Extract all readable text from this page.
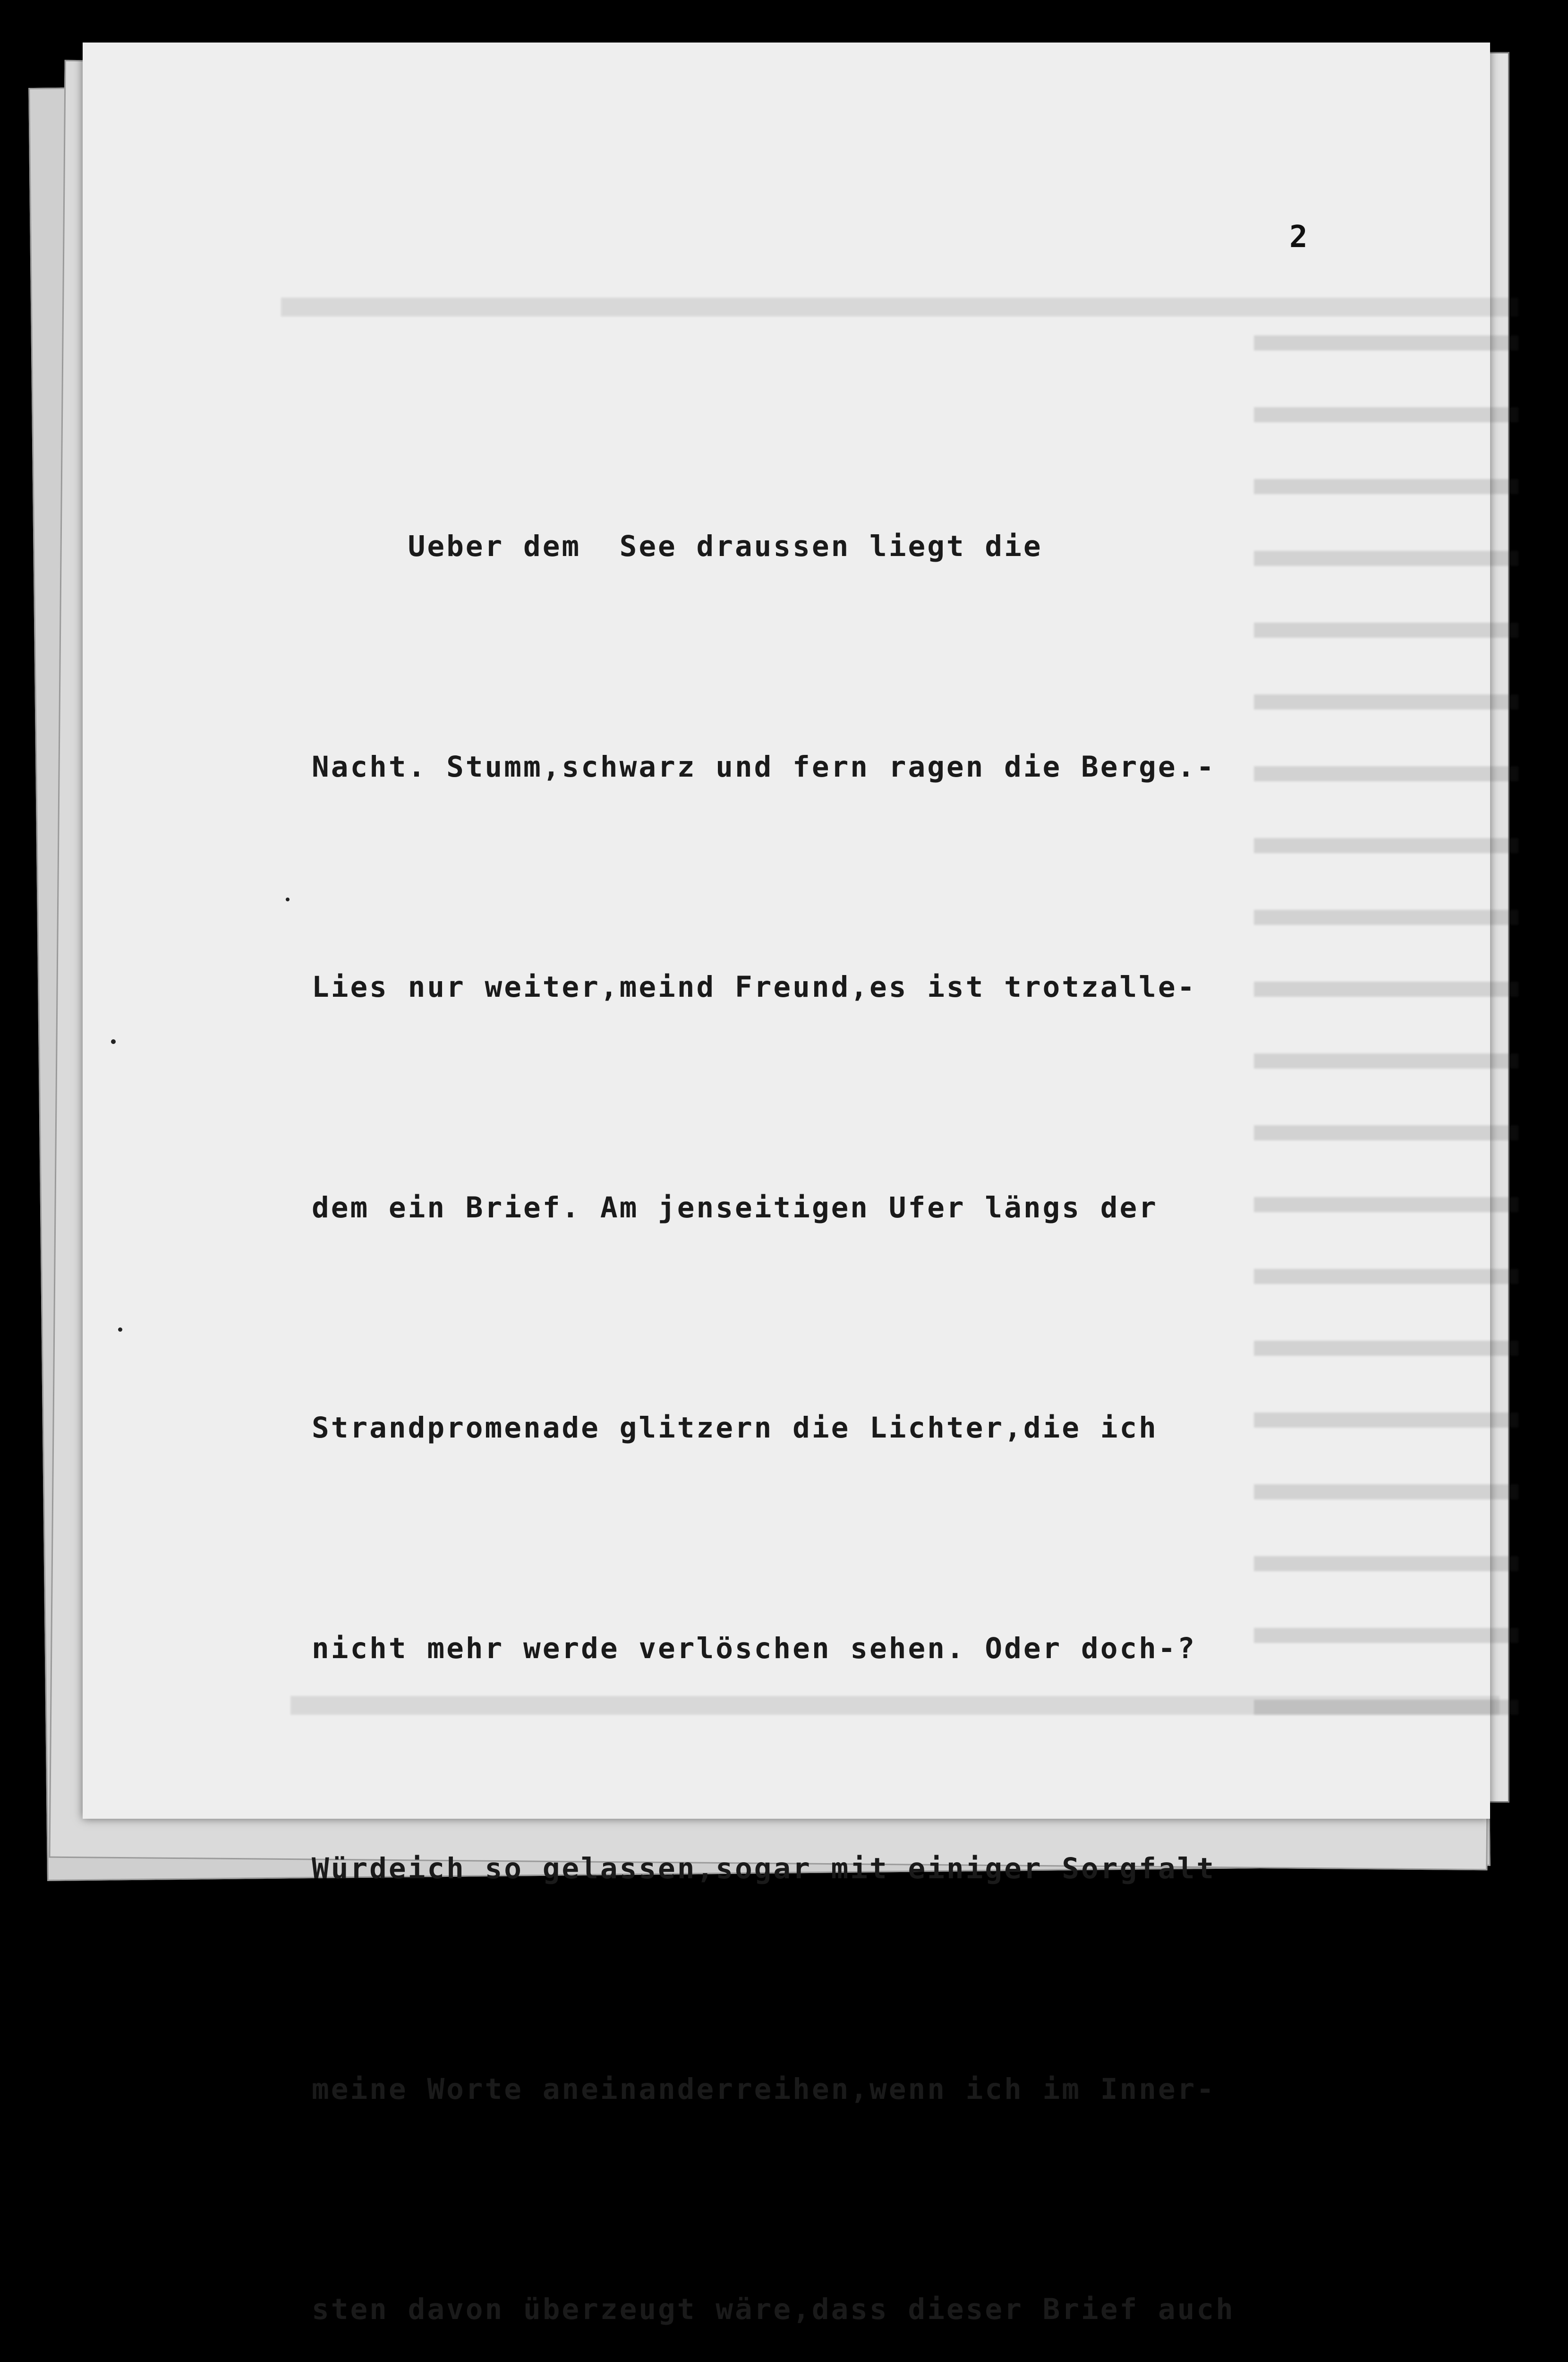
2

Ueber dem  See draussen liegt die

Nacht. Stumm,schwarz und fern ragen die Berge.-

Lies nur weiter,meind Freund,es ist trotzalle-

dem ein Brief. Am jenseitigen Ufer längs der

Strandpromenade glitzern die Lichter,die ich

nicht mehr werde verlöschen sehen. Oder doch-?

Würdeich so gelassen,sogar mit einiger Sorgfalt

meine Worte aneinanderreihen,wenn ich im Inner-

sten davon überzeugt wäre,dass dieser Brief auch
